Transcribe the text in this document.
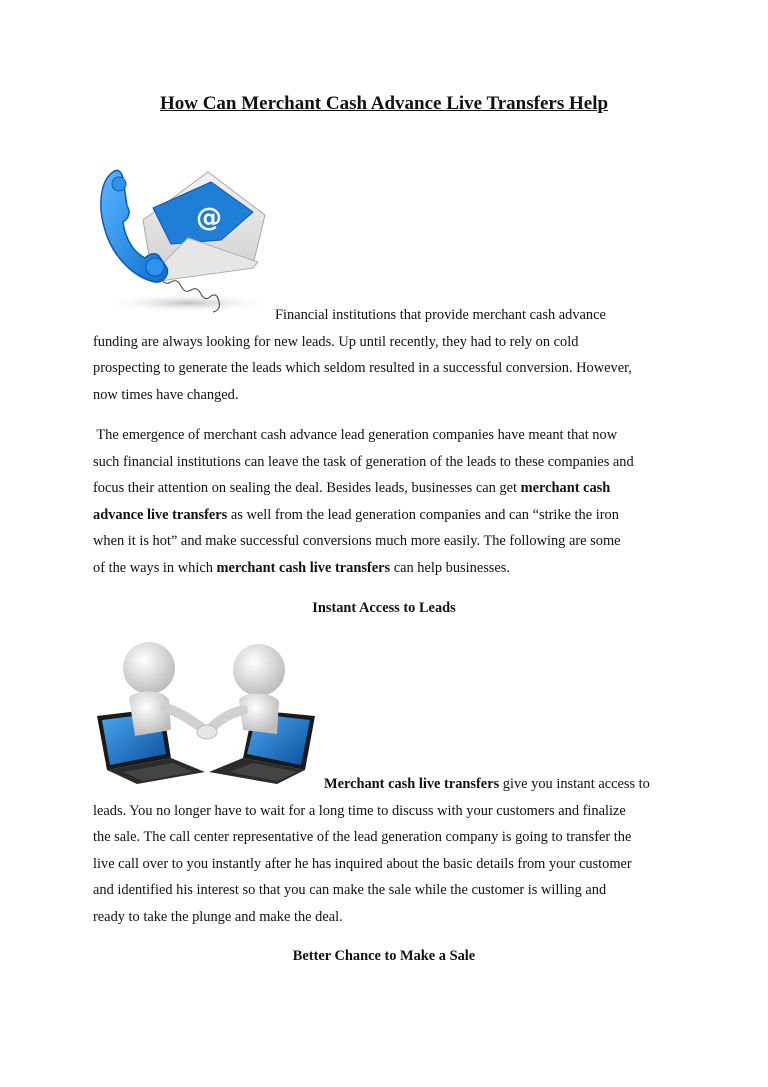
How Can Merchant Cash Advance Live Transfers Help
@
Financial institutions that provide merchant cash advance
funding are always looking for new leads. Up until recently, they had to rely on cold
prospecting to generate the leads which seldom resulted in a successful conversion. However,
now times have changed.
The emergence of merchant cash advance lead generation companies have meant that now
such financial institutions can leave the task of generation of the leads to these companies and
focus their attention on sealing the deal. Besides leads, businesses can get merchant cash
advance live transfers as well from the lead generation companies and can “strike the iron
when it is hot” and make successful conversions much more easily. The following are some
of the ways in which merchant cash live transfers can help businesses.
Instant Access to Leads
Merchant cash live transfers give you instant access to
leads. You no longer have to wait for a long time to discuss with your customers and finalize
the sale. The call center representative of the lead generation company is going to transfer the
live call over to you instantly after he has inquired about the basic details from your customer
and identified his interest so that you can make the sale while the customer is willing and
ready to take the plunge and make the deal.
Better Chance to Make a Sale
